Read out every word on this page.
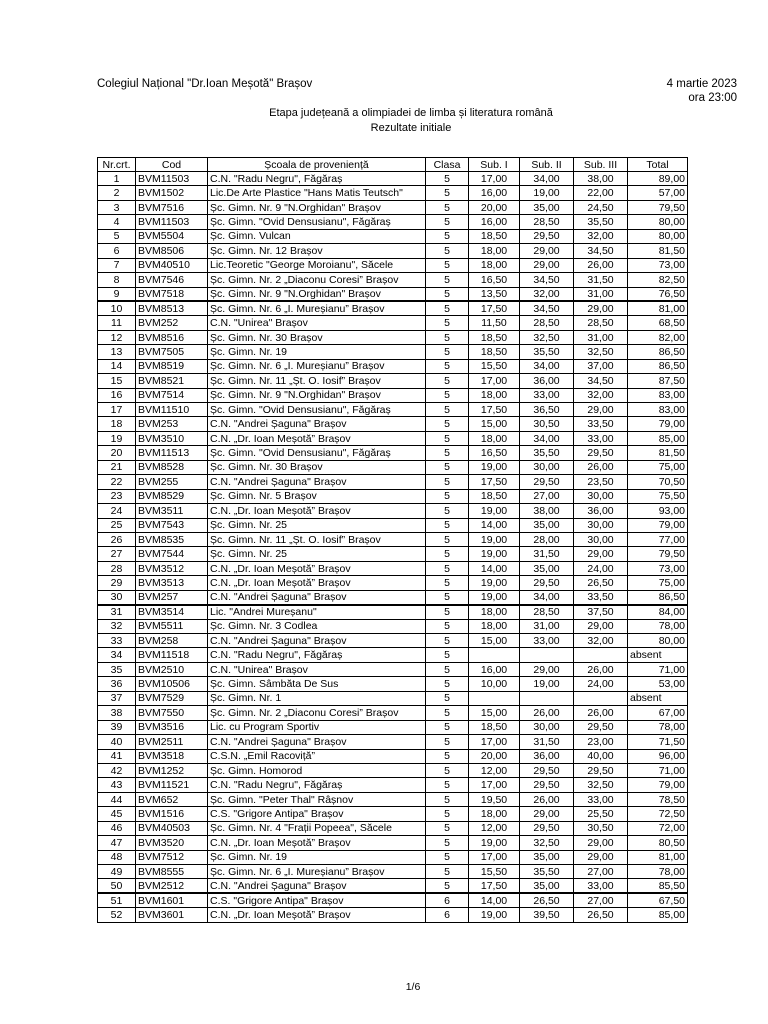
Colegiul Național "Dr.Ioan Meșotă" Brașov	4 martie 2023
ora 23:00
Etapa județeană a olimpiadei de limba și literatura română
Rezultate initiale
Nr.crt.	Cod	Școala de proveniență	Clasa	Sub. I	Sub. II	Sub. III	Total
1	BVM11503	C.N. "Radu Negru", Făgăraș	5	17,00	34,00	38,00	89,00
2	BVM1502	Lic.De Arte Plastice "Hans Matis Teutsch"	5	16,00	19,00	22,00	57,00
3	BVM7516	Șc. Gimn. Nr. 9 "N.Orghidan" Brașov	5	20,00	35,00	24,50	79,50
4	BVM11503	Șc. Gimn. "Ovid Densusianu", Făgăraș	5	16,00	28,50	35,50	80,00
5	BVM5504	Șc. Gimn. Vulcan	5	18,50	29,50	32,00	80,00
6	BVM8506	Șc. Gimn. Nr. 12 Brașov	5	18,00	29,00	34,50	81,50
7	BVM40510	Lic.Teoretic "George Moroianu", Săcele	5	18,00	29,00	26,00	73,00
8	BVM7546	Șc. Gimn. Nr. 2 „Diaconu Coresi” Brașov	5	16,50	34,50	31,50	82,50
9	BVM7518	Șc. Gimn. Nr. 9 "N.Orghidan" Brașov	5	13,50	32,00	31,00	76,50
10	BVM8513	Șc. Gimn. Nr. 6 „I. Mureșianu” Brașov	5	17,50	34,50	29,00	81,00
11	BVM252	C.N. "Unirea" Brașov	5	11,50	28,50	28,50	68,50
12	BVM8516	Șc. Gimn. Nr. 30 Brașov	5	18,50	32,50	31,00	82,00
13	BVM7505	Șc. Gimn. Nr. 19	5	18,50	35,50	32,50	86,50
14	BVM8519	Șc. Gimn. Nr. 6 „I. Mureșianu” Brașov	5	15,50	34,00	37,00	86,50
15	BVM8521	Șc. Gimn. Nr. 11 „Șt. O. Iosif” Brașov	5	17,00	36,00	34,50	87,50
16	BVM7514	Șc. Gimn. Nr. 9 "N.Orghidan" Brașov	5	18,00	33,00	32,00	83,00
17	BVM11510	Șc. Gimn. "Ovid Densusianu", Făgăraș	5	17,50	36,50	29,00	83,00
18	BVM253	C.N. "Andrei Șaguna" Brașov	5	15,00	30,50	33,50	79,00
19	BVM3510	C.N. „Dr. Ioan Meșotă” Brașov	5	18,00	34,00	33,00	85,00
20	BVM11513	Șc. Gimn. "Ovid Densusianu", Făgăraș	5	16,50	35,50	29,50	81,50
21	BVM8528	Șc. Gimn. Nr. 30 Brașov	5	19,00	30,00	26,00	75,00
22	BVM255	C.N. "Andrei Șaguna" Brașov	5	17,50	29,50	23,50	70,50
23	BVM8529	Șc. Gimn. Nr. 5 Brașov	5	18,50	27,00	30,00	75,50
24	BVM3511	C.N. „Dr. Ioan Meșotă” Brașov	5	19,00	38,00	36,00	93,00
25	BVM7543	Șc. Gimn. Nr. 25	5	14,00	35,00	30,00	79,00
26	BVM8535	Șc. Gimn. Nr. 11 „Șt. O. Iosif” Brașov	5	19,00	28,00	30,00	77,00
27	BVM7544	Șc. Gimn. Nr. 25	5	19,00	31,50	29,00	79,50
28	BVM3512	C.N. „Dr. Ioan Meșotă” Brașov	5	14,00	35,00	24,00	73,00
29	BVM3513	C.N. „Dr. Ioan Meșotă” Brașov	5	19,00	29,50	26,50	75,00
30	BVM257	C.N. "Andrei Șaguna" Brașov	5	19,00	34,00	33,50	86,50
31	BVM3514	Lic. "Andrei Mureșanu"	5	18,00	28,50	37,50	84,00
32	BVM5511	Șc. Gimn. Nr. 3 Codlea	5	18,00	31,00	29,00	78,00
33	BVM258	C.N. "Andrei Șaguna" Brașov	5	15,00	33,00	32,00	80,00
34	BVM11518	C.N. "Radu Negru", Făgăraș	5				absent
35	BVM2510	C.N. "Unirea" Brașov	5	16,00	29,00	26,00	71,00
36	BVM10506	Șc. Gimn. Sâmbăta De Sus	5	10,00	19,00	24,00	53,00
37	BVM7529	Șc. Gimn. Nr. 1	5				absent
38	BVM7550	Șc. Gimn. Nr. 2 „Diaconu Coresi” Brașov	5	15,00	26,00	26,00	67,00
39	BVM3516	Lic. cu Program Sportiv	5	18,50	30,00	29,50	78,00
40	BVM2511	C.N. "Andrei Șaguna" Brașov	5	17,00	31,50	23,00	71,50
41	BVM3518	C.S.N. „Emil Racoviță”	5	20,00	36,00	40,00	96,00
42	BVM1252	Șc. Gimn. Homorod	5	12,00	29,50	29,50	71,00
43	BVM11521	C.N. "Radu Negru", Făgăraș	5	17,00	29,50	32,50	79,00
44	BVM652	Șc. Gimn. "Peter Thal" Râșnov	5	19,50	26,00	33,00	78,50
45	BVM1516	C.S. "Grigore Antipa" Brașov	5	18,00	29,00	25,50	72,50
46	BVM40503	Șc. Gimn. Nr. 4 "Frații Popeea", Săcele	5	12,00	29,50	30,50	72,00
47	BVM3520	C.N. „Dr. Ioan Meșotă” Brașov	5	19,00	32,50	29,00	80,50
48	BVM7512	Șc. Gimn. Nr. 19	5	17,00	35,00	29,00	81,00
49	BVM8555	Șc. Gimn. Nr. 6 „I. Mureșianu” Brașov	5	15,50	35,50	27,00	78,00
50	BVM2512	C.N. "Andrei Șaguna" Brașov	5	17,50	35,00	33,00	85,50
51	BVM1601	C.S. "Grigore Antipa" Brașov	6	14,00	26,50	27,00	67,50
52	BVM3601	C.N. „Dr. Ioan Meșotă” Brașov	6	19,00	39,50	26,50	85,00
1/6
